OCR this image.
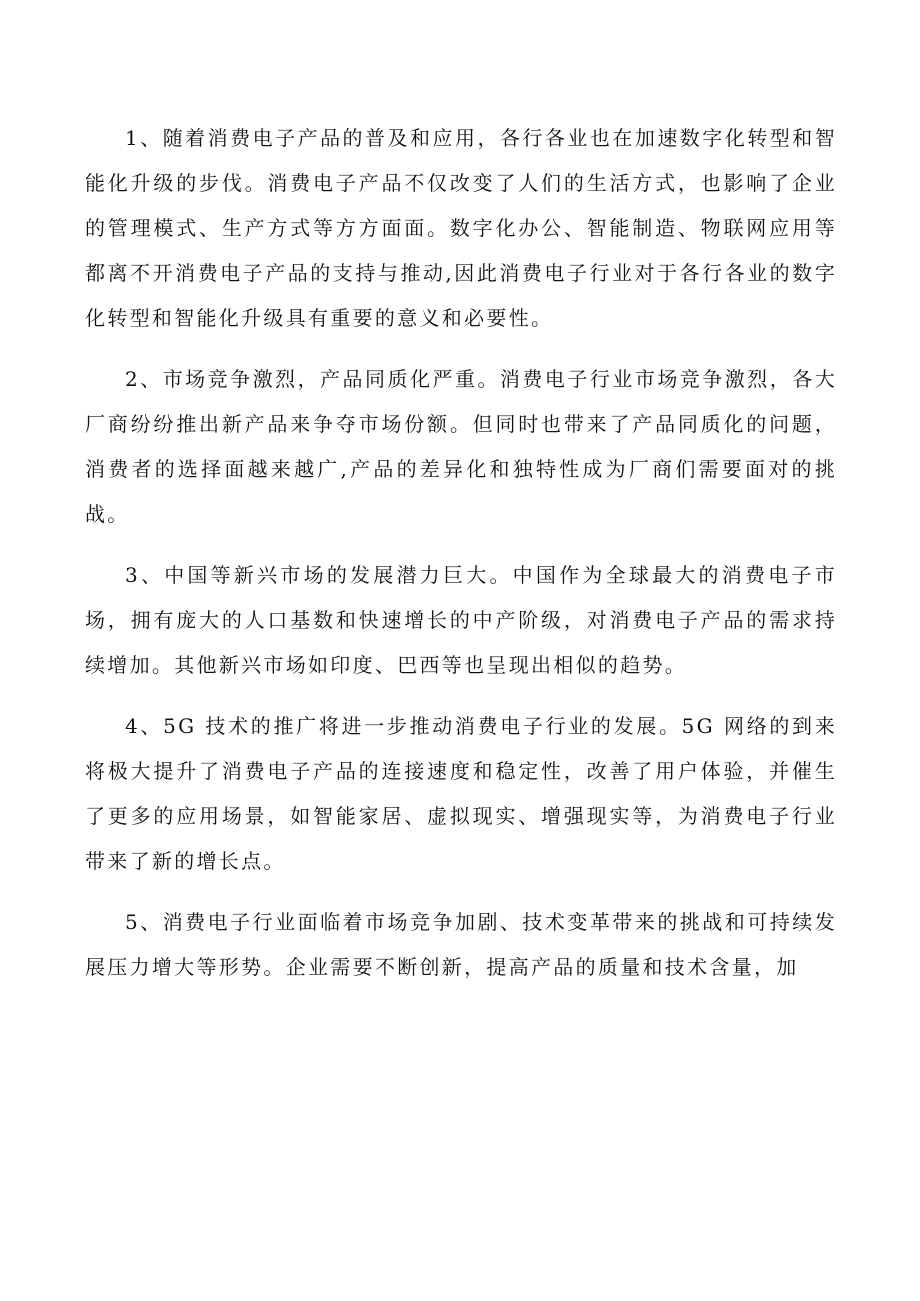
1、随着消费电子产品的普及和应用，各行各业也在加速数字化转型和智能化升级的步伐。消费电子产品不仅改变了人们的生活方式，也影响了企业的管理模式、生产方式等方方面面。数字化办公、智能制造、物联网应用等都离不开消费电子产品的支持与推动,因此消费电子行业对于各行各业的数字化转型和智能化升级具有重要的意义和必要性。

2、市场竞争激烈，产品同质化严重。消费电子行业市场竞争激烈，各大厂商纷纷推出新产品来争夺市场份额。但同时也带来了产品同质化的问题，消费者的选择面越来越广,产品的差异化和独特性成为厂商们需要面对的挑战。

3、中国等新兴市场的发展潜力巨大。中国作为全球最大的消费电子市场，拥有庞大的人口基数和快速增长的中产阶级，对消费电子产品的需求持续增加。其他新兴市场如印度、巴西等也呈现出相似的趋势。

4、5G 技术的推广将进一步推动消费电子行业的发展。5G 网络的到来将极大提升了消费电子产品的连接速度和稳定性，改善了用户体验，并催生了更多的应用场景，如智能家居、虚拟现实、增强现实等，为消费电子行业带来了新的增长点。

5、消费电子行业面临着市场竞争加剧、技术变革带来的挑战和可持续发展压力增大等形势。企业需要不断创新，提高产品的质量和技术含量，加
